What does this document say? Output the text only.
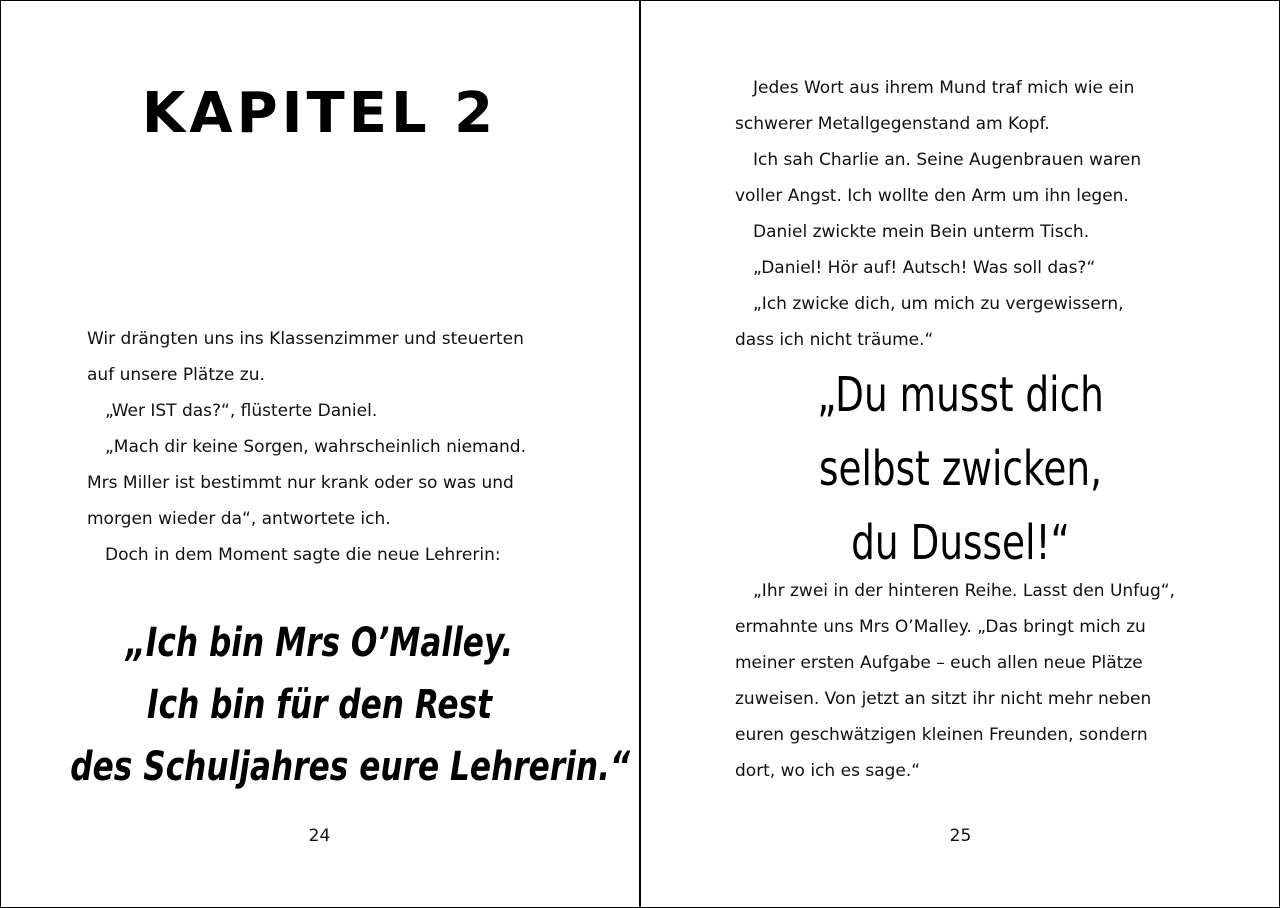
KAPITEL 2

Wir drängten uns ins Klassenzimmer und steuerten

auf unsere Plätze zu.

„Wer IST das?“, flüsterte Daniel.

„Mach dir keine Sorgen, wahrscheinlich niemand.

Mrs Miller ist bestimmt nur krank oder so was und

morgen wieder da“, antwortete ich.

Doch in dem Moment sagte die neue Lehrerin:

„Ich bin Mrs O’Malley.

Ich bin für den Rest

des Schuljahres eure Lehrerin.“

24

Jedes Wort aus ihrem Mund traf mich wie ein

schwerer Metallgegenstand am Kopf.

Ich sah Charlie an. Seine Augenbrauen waren

voller Angst. Ich wollte den Arm um ihn legen.

Daniel zwickte mein Bein unterm Tisch.

„Daniel! Hör auf! Autsch! Was soll das?“

„Ich zwicke dich, um mich zu vergewissern,

dass ich nicht träume.“

„Du musst dich

selbst zwicken,

du Dussel!“

„Ihr zwei in der hinteren Reihe. Lasst den Unfug“,

ermahnte uns Mrs O’Malley. „Das bringt mich zu

meiner ersten Aufgabe – euch allen neue Plätze

zuweisen. Von jetzt an sitzt ihr nicht mehr neben

euren geschwätzigen kleinen Freunden, sondern

dort, wo ich es sage.“

25
